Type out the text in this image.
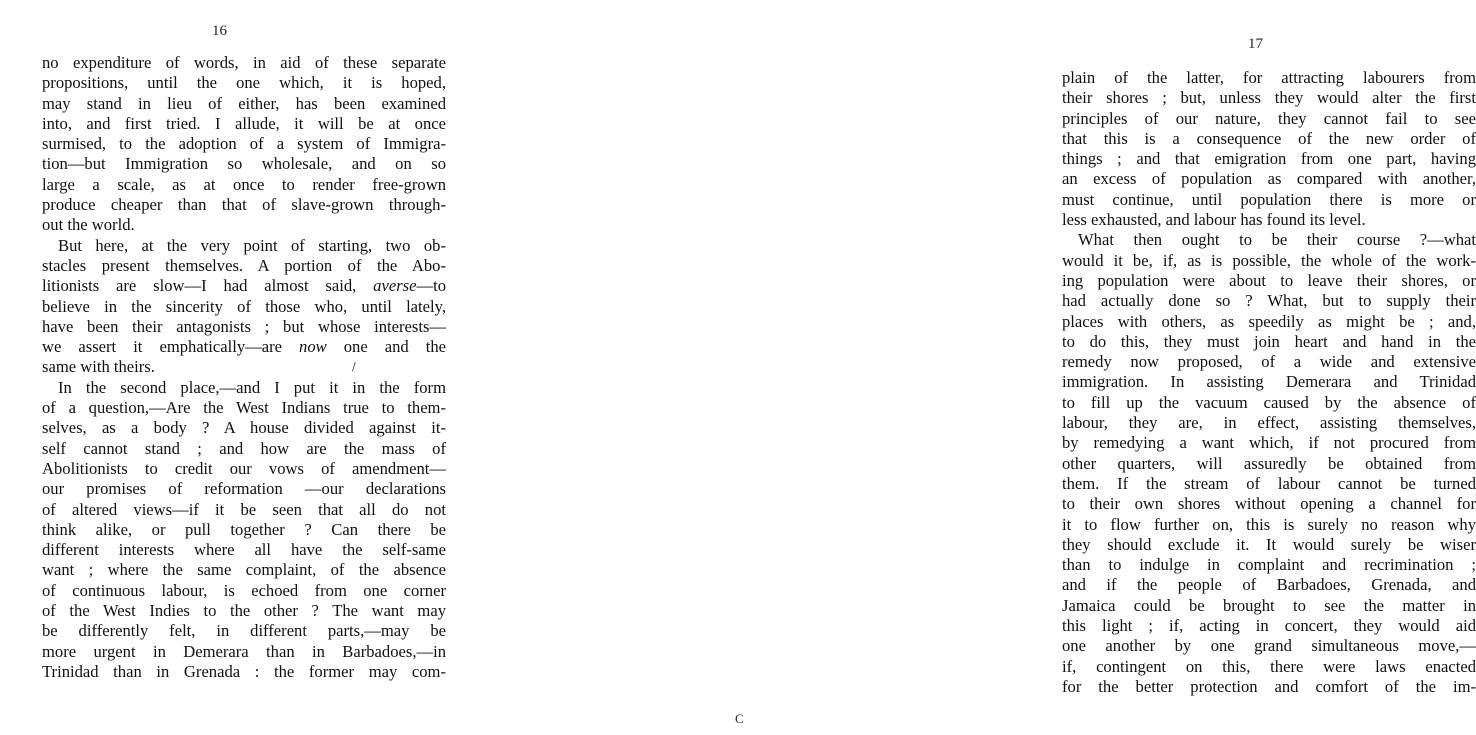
16
no expenditure of words, in aid of these separate
propositions, until the one which, it is hoped,
may stand in lieu of either, has been examined
into, and first tried. I allude, it will be at once
surmised, to the adoption of a system of Immigra-
tion—but Immigration so wholesale, and on so
large a scale, as at once to render free-grown
produce cheaper than that of slave-grown through-
out the world.
But here, at the very point of starting, two ob-
stacles present themselves. A portion of the Abo-
litionists are slow—I had almost said, averse—to
believe in the sincerity of those who, until lately,
have been their antagonists ; but whose interests—
we assert it emphatically—are now one and the
same with theirs.
In the second place,—and I put it in the form
of a question,—Are the West Indians true to them-
selves, as a body ? A house divided against it-
self cannot stand ; and how are the mass of
Abolitionists to credit our vows of amendment—
our promises of reformation —our declarations
of altered views—if it be seen that all do not
think alike, or pull together ? Can there be
different interests where all have the self-same
want ; where the same complaint, of the absence
of continuous labour, is echoed from one corner
of the West Indies to the other ? The want may
be differently felt, in different parts,—may be
more urgent in Demerara than in Barbadoes,—in
Trinidad than in Grenada : the former may com-
17
plain of the latter, for attracting labourers from
their shores ; but, unless they would alter the first
principles of our nature, they cannot fail to see
that this is a consequence of the new order of
things ; and that emigration from one part, having
an excess of population as compared with another,
must continue, until population there is more or
less exhausted, and labour has found its level.
What then ought to be their course ?—what
would it be, if, as is possible, the whole of the work-
ing population were about to leave their shores, or
had actually done so ? What, but to supply their
places with others, as speedily as might be ; and,
to do this, they must join heart and hand in the
remedy now proposed, of a wide and extensive
immigration. In assisting Demerara and Trinidad
to fill up the vacuum caused by the absence of
labour, they are, in effect, assisting themselves,
by remedying a want which, if not procured from
other quarters, will assuredly be obtained from
them. If the stream of labour cannot be turned
to their own shores without opening a channel for
it to flow further on, this is surely no reason why
they should exclude it. It would surely be wiser
than to indulge in complaint and recrimination ;
and if the people of Barbadoes, Grenada, and
Jamaica could be brought to see the matter in
this light ; if, acting in concert, they would aid
one another by one grand simultaneous move,—
if, contingent on this, there were laws enacted
for the better protection and comfort of the im-
C
/
